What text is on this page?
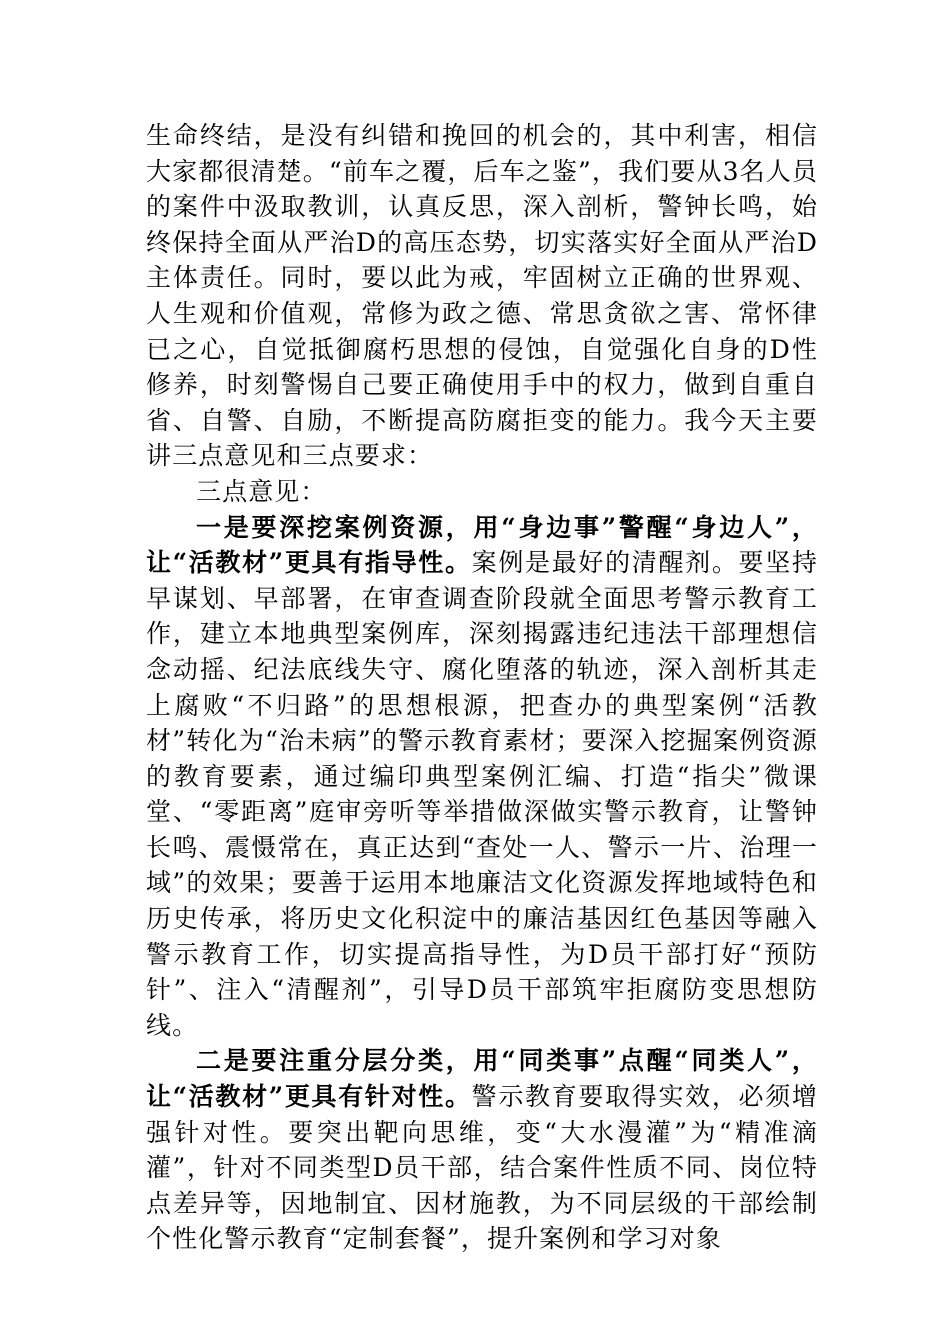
生命终结，是没有纠错和挽回的机会的，其中利害，相信大家都很清楚。“前车之覆，后车之鉴”，我们要从3名人员的案件中汲取教训，认真反思，深入剖析，警钟长鸣，始终保持全面从严治D的高压态势，切实落实好全面从严治D主体责任。同时，要以此为戒，牢固树立正确的世界观、人生观和价值观，常修为政之德、常思贪欲之害、常怀律已之心，自觉抵御腐朽思想的侵蚀，自觉强化自身的D性修养，时刻警惕自己要正确使用手中的权力，做到自重自省、自警、自励，不断提高防腐拒变的能力。我今天主要讲三点意见和三点要求：

三点意见：

一是要深挖案例资源，用“身边事”警醒“身边人”，让“活教材”更具有指导性。案例是最好的清醒剂。要坚持早谋划、早部署，在审查调查阶段就全面思考警示教育工作，建立本地典型案例库，深刻揭露违纪违法干部理想信念动摇、纪法底线失守、腐化堕落的轨迹，深入剖析其走上腐败“不归路”的思想根源，把查办的典型案例“活教材”转化为“治未病”的警示教育素材；要深入挖掘案例资源的教育要素，通过编印典型案例汇编、打造“指尖”微课堂、“零距离”庭审旁听等举措做深做实警示教育，让警钟长鸣、震慑常在，真正达到“查处一人、警示一片、治理一域”的效果；要善于运用本地廉洁文化资源发挥地域特色和历史传承，将历史文化积淀中的廉洁基因红色基因等融入警示教育工作，切实提高指导性，为D员干部打好“预防针”、注入“清醒剂”，引导D员干部筑牢拒腐防变思想防线。

二是要注重分层分类，用“同类事”点醒“同类人”，让“活教材”更具有针对性。警示教育要取得实效，必须增强针对性。要突出靶向思维，变“大水漫灌”为“精准滴灌”，针对不同类型D员干部，结合案件性质不同、岗位特点差异等，因地制宜、因材施教，为不同层级的干部绘制个性化警示教育“定制套餐”，提升案例和学习对象
